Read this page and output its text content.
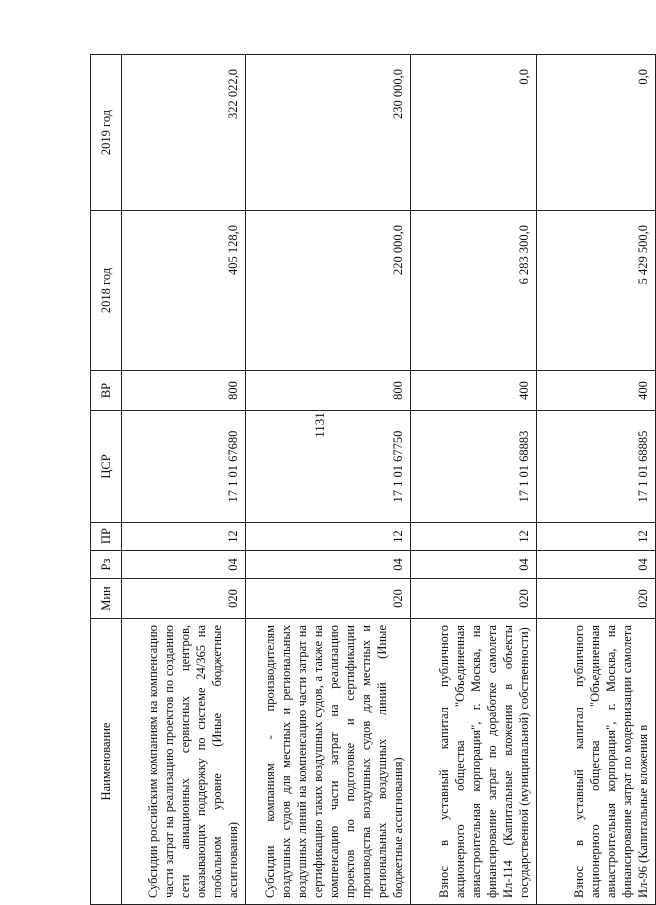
1131
Наименование	Мин	Рз	ПР	ЦСР	ВР	2018 год	2019 год
Субсидии российским компаниям на компенсацию части затрат на реализацию проектов по созданию сети авиационных сервисных центров, оказывающих поддержку по системе 24/365 на глобальном уровне (Иные бюджетные ассигнования)	020	04	12	17 1 01 67680	800	405 128,0	322 022,0
Субсидии компаниям - производителям воздушных судов для местных и региональных воздушных линий на компенсацию части затрат на сертификацию таких воздушных судов, а также на компенсацию части затрат на реализацию проектов по подготовке и сертификации производства воздушных судов для местных и региональных воздушных линий (Иные бюджетные ассигнования)	020	04	12	17 1 01 67750	800	220 000,0	230 000,0
Взнос в уставный капитал публичного акционерного общества "Объединенная авиастроительная корпорация", г. Москва, на финансирование затрат по доработке самолета Ил-114 (Капитальные вложения в объекты государственной (муниципальной) собственности)	020	04	12	17 1 01 68883	400	6 283 300,0	0,0
Взнос в уставный капитал публичного акционерного общества "Объединенная авиастроительная корпорация", г. Москва, на финансирование затрат по модернизации самолета Ил-96 (Капитальные вложения в	020	04	12	17 1 01 68885	400	5 429 500,0	0,0
